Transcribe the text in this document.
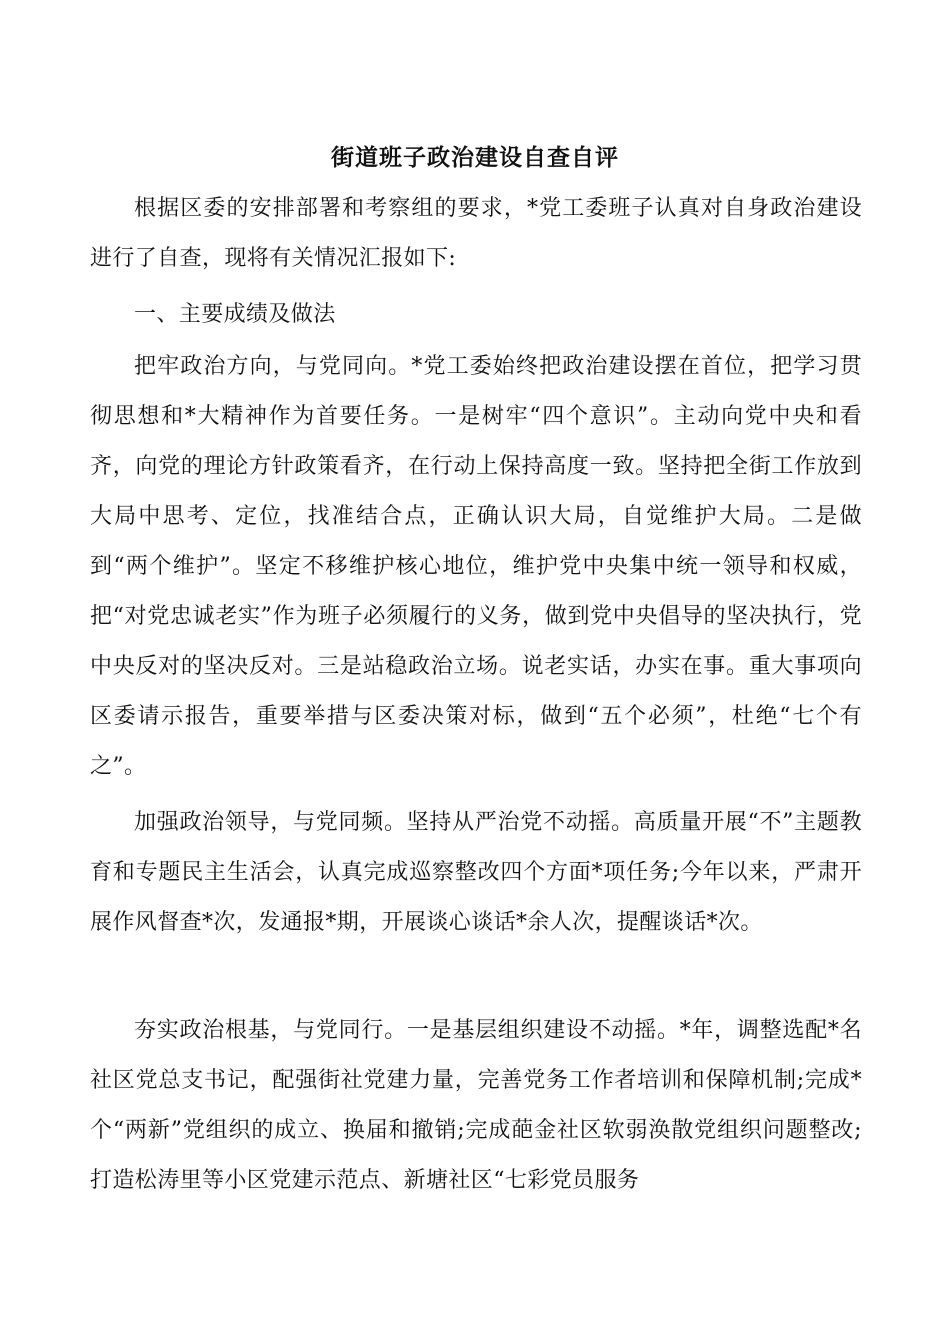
街道班子政治建设自查自评

根据区委的安排部署和考察组的要求，*党工委班子认真对自身政治建设进行了自查，现将有关情况汇报如下:

一、主要成绩及做法

把牢政治方向，与党同向。*党工委始终把政治建设摆在首位，把学习贯彻思想和*大精神作为首要任务。一是树牢“四个意识”。主动向党中央和看齐，向党的理论方针政策看齐，在行动上保持高度一致。坚持把全街工作放到大局中思考、定位，找准结合点，正确认识大局，自觉维护大局。二是做到“两个维护”。坚定不移维护核心地位，维护党中央集中统一领导和权威，把“对党忠诚老实”作为班子必须履行的义务，做到党中央倡导的坚决执行，党中央反对的坚决反对。三是站稳政治立场。说老实话，办实在事。重大事项向区委请示报告，重要举措与区委决策对标，做到“五个必须”，杜绝“七个有之”。

加强政治领导，与党同频。坚持从严治党不动摇。高质量开展“不”主题教育和专题民主生活会，认真完成巡察整改四个方面*项任务;今年以来，严肃开展作风督查*次，发通报*期，开展谈心谈话*余人次，提醒谈话*次。

夯实政治根基，与党同行。一是基层组织建设不动摇。*年，调整选配*名社区党总支书记，配强街社党建力量，完善党务工作者培训和保障机制;完成*个“两新”党组织的成立、换届和撤销;完成葩金社区软弱涣散党组织问题整改;打造松涛里等小区党建示范点、新塘社区“七彩党员服务
